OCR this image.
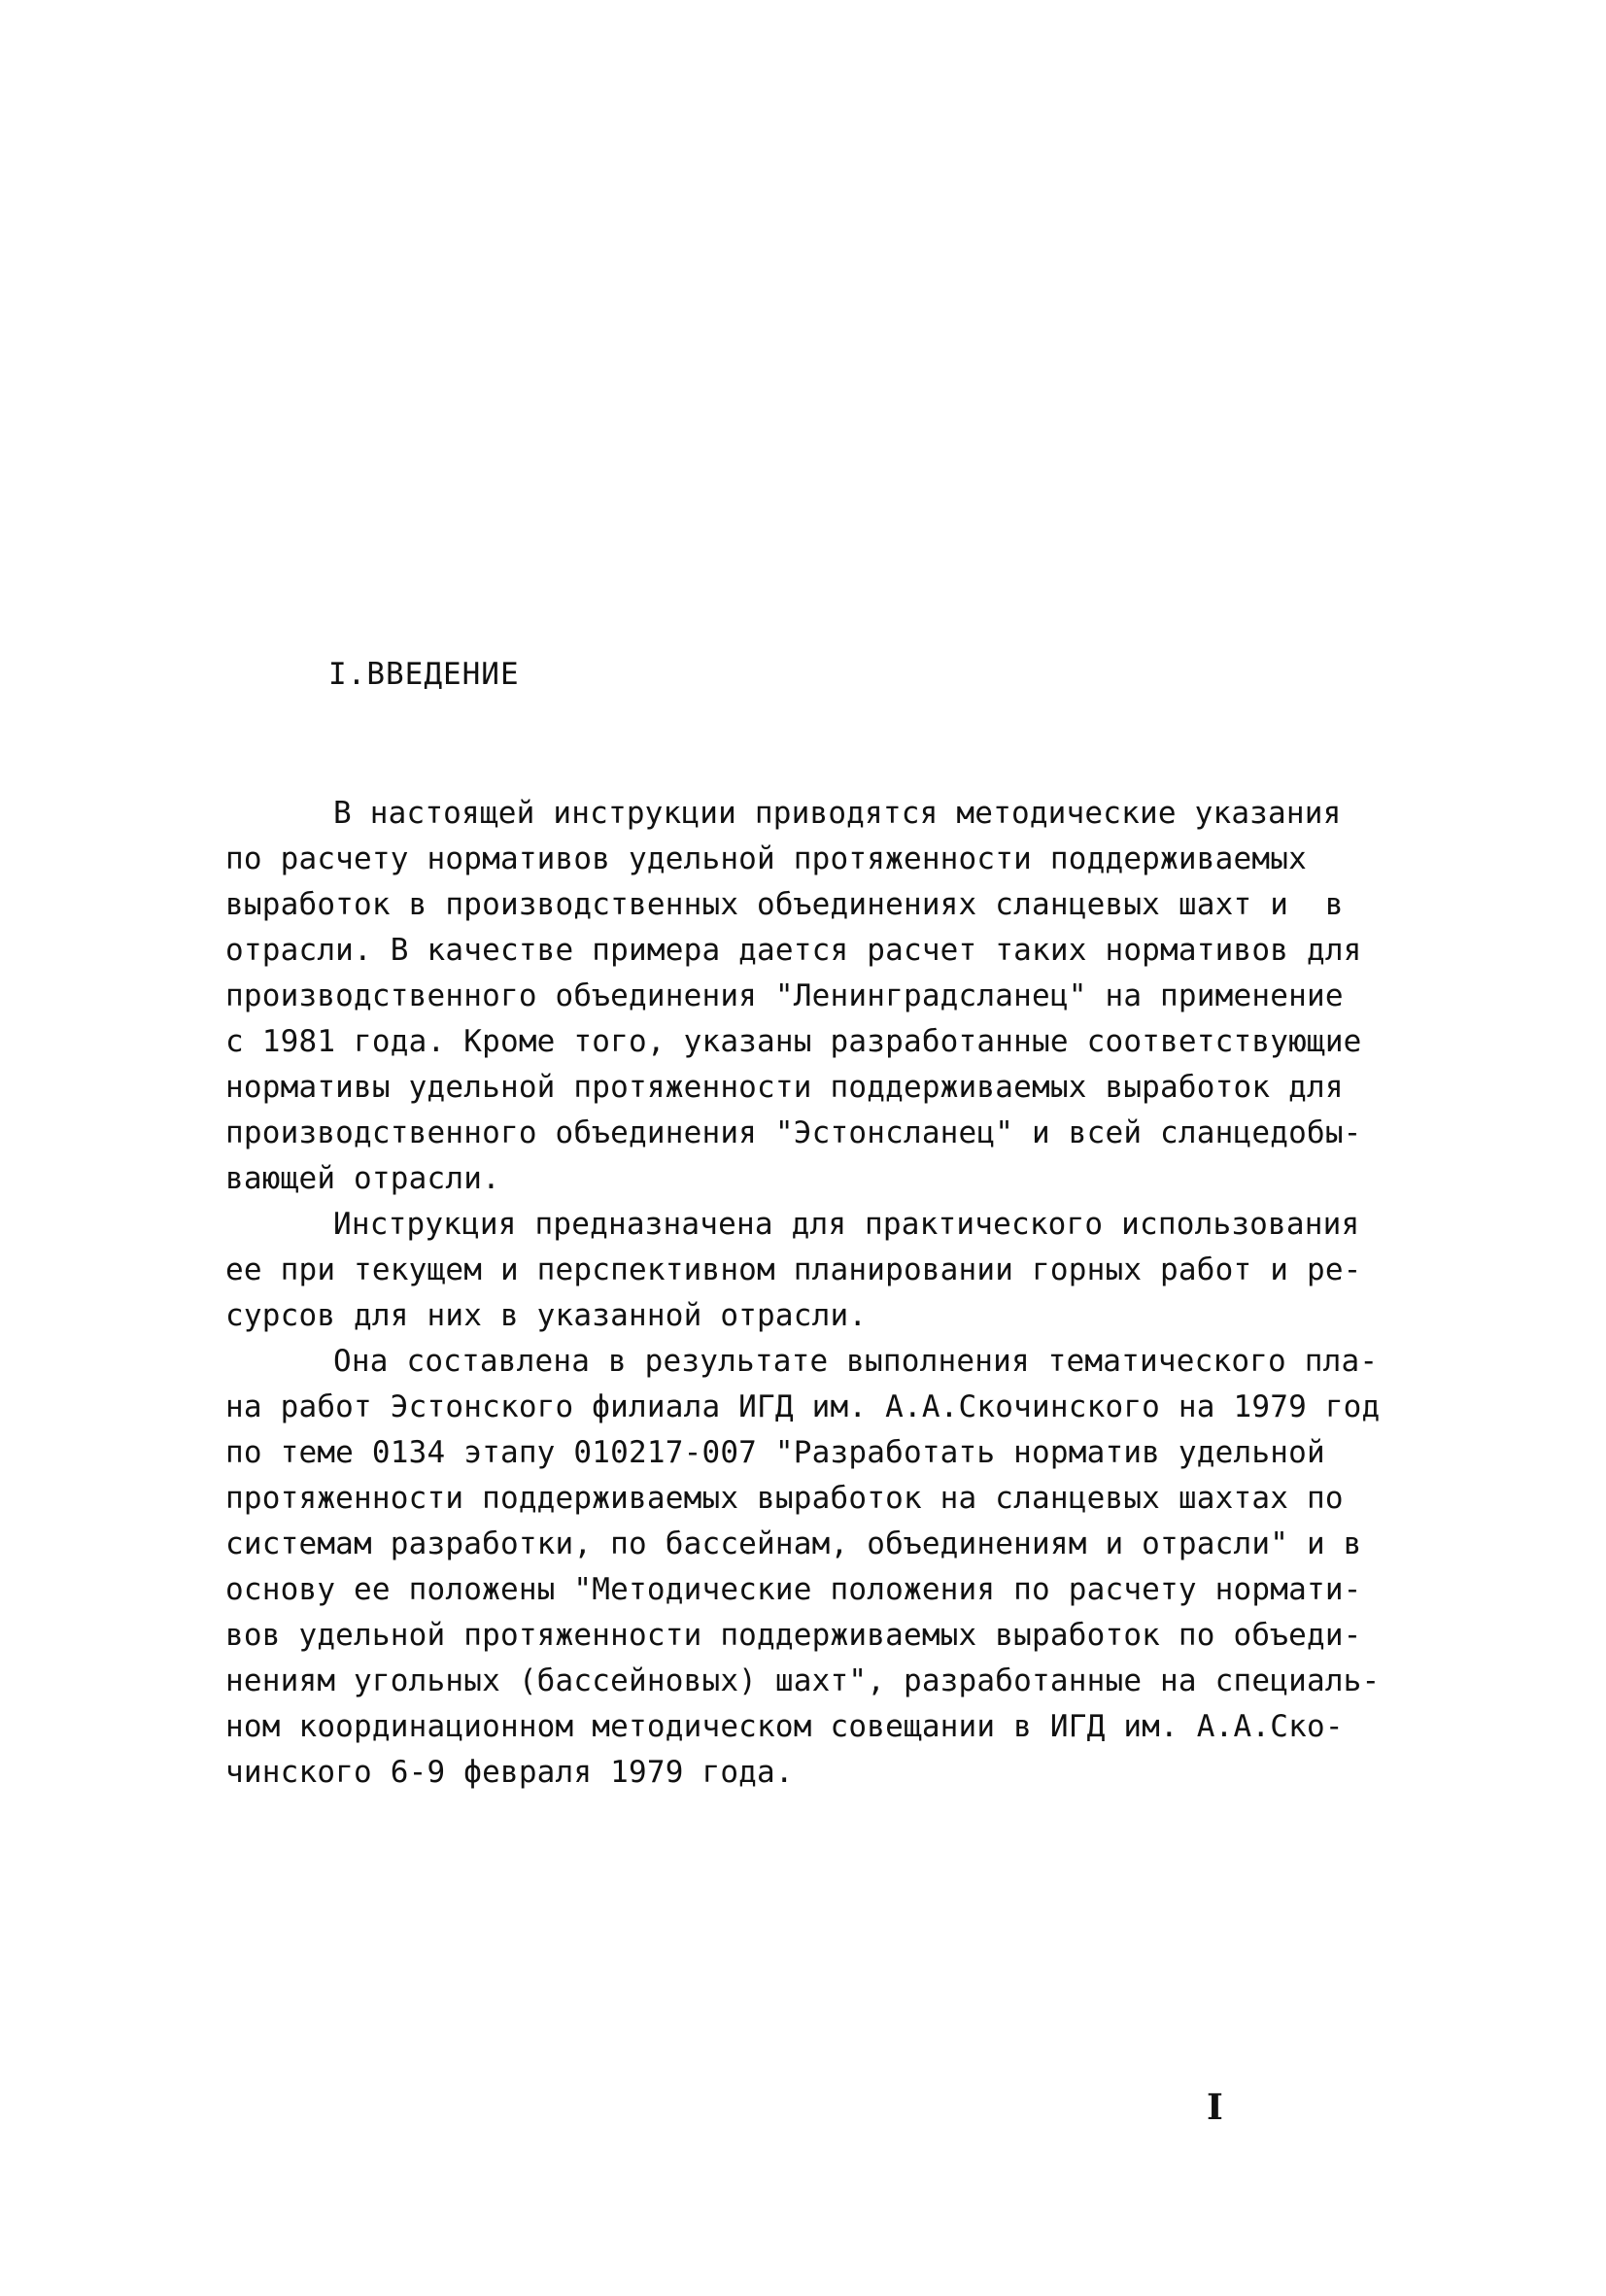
I.ВВЕДЕНИЕ

В настоящей инструкции приводятся методические указания

по расчету нормативов удельной протяженности поддерживаемых

выработок в производственных объединениях сланцевых шахт и  в

отрасли. В качестве примера дается расчет таких нормативов для

производственного объединения "Ленинградсланец" на применение

с 1981 года. Кроме того, указаны разработанные соответствующие

нормативы удельной протяженности поддерживаемых выработок для

производственного объединения "Эстонсланец" и всей сланцедобы-

вающей отрасли.

Инструкция предназначена для практического использования

ее при текущем и перспективном планировании горных работ и ре-

сурсов для них в указанной отрасли.

Она составлена в результате выполнения тематического пла-

на работ Эстонского филиала ИГД им. А.А.Скочинского на 1979 год

по теме 0134 этапу 010217-007 "Разработать норматив удельной

протяженности поддерживаемых выработок на сланцевых шахтах по

системам разработки, по бассейнам, объединениям и отрасли" и в

основу ее положены "Методические положения по расчету нормати-

вов удельной протяженности поддерживаемых выработок по объеди-

нениям угольных (бассейновых) шахт", разработанные на специаль-

ном координационном методическом совещании в ИГД им. А.А.Ско-

чинского 6-9 февраля 1979 года.

I
